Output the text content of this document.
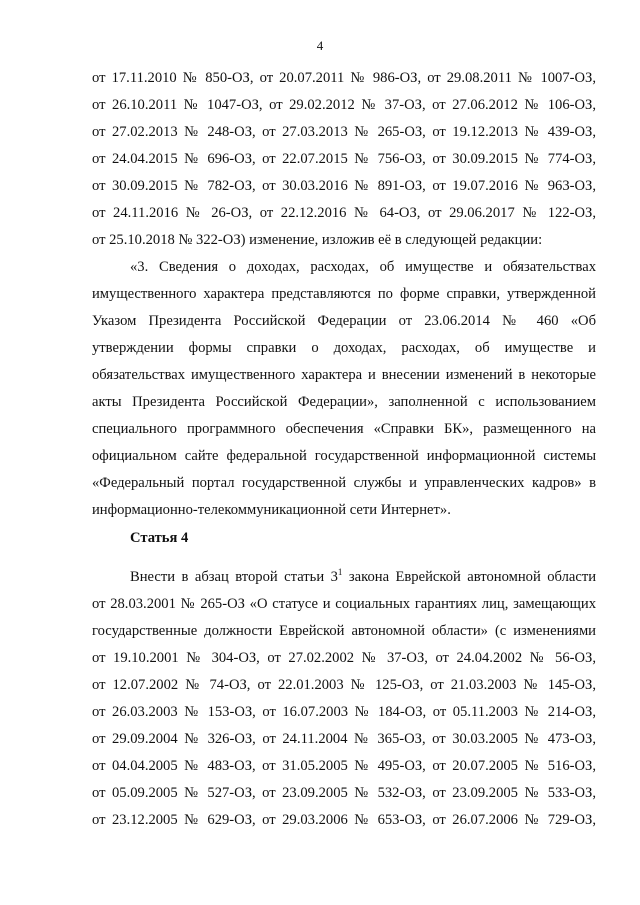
4
от 17.11.2010 № 850-ОЗ, от 20.07.2011 № 986-ОЗ, от 29.08.2011 № 1007-ОЗ,
от 26.10.2011 № 1047-ОЗ, от 29.02.2012 № 37-ОЗ, от 27.06.2012 № 106-ОЗ,
от 27.02.2013 № 248-ОЗ, от 27.03.2013 № 265-ОЗ, от 19.12.2013 № 439-ОЗ,
от 24.04.2015 № 696-ОЗ, от 22.07.2015 № 756-ОЗ, от 30.09.2015 № 774-ОЗ,
от 30.09.2015 № 782-ОЗ, от 30.03.2016 № 891-ОЗ, от 19.07.2016 № 963-ОЗ,
от 24.11.2016 № 26-ОЗ, от 22.12.2016 № 64-ОЗ, от 29.06.2017 № 122-ОЗ,
от 25.10.2018 № 322-ОЗ) изменение, изложив её в следующей редакции:
«3. Сведения о доходах, расходах, об имуществе и обязательствах
имущественного характера представляются по форме справки, утвержденной
Указом Президента Российской Федерации от 23.06.2014 № 460 «Об
утверждении формы справки о доходах, расходах, об имуществе и
обязательствах имущественного характера и внесении изменений в некоторые
акты Президента Российской Федерации», заполненной с использованием
специального программного обеспечения «Справки БК», размещенного на
официальном сайте федеральной государственной информационной системы
«Федеральный портал государственной службы и управленческих кадров» в
информационно-телекоммуникационной сети Интернет».
Статья 4
Внести в абзац второй статьи $3^1$ закона Еврейской автономной области
от 28.03.2001 № 265-ОЗ «О статусе и социальных гарантиях лиц, замещающих
государственные должности Еврейской автономной области» (с изменениями
от 19.10.2001 № 304-ОЗ, от 27.02.2002 № 37-ОЗ, от 24.04.2002 № 56-ОЗ,
от 12.07.2002 № 74-ОЗ, от 22.01.2003 № 125-ОЗ, от 21.03.2003 № 145-ОЗ,
от 26.03.2003 № 153-ОЗ, от 16.07.2003 № 184-ОЗ, от 05.11.2003 № 214-ОЗ,
от 29.09.2004 № 326-ОЗ, от 24.11.2004 № 365-ОЗ, от 30.03.2005 № 473-ОЗ,
от 04.04.2005 № 483-ОЗ, от 31.05.2005 № 495-ОЗ, от 20.07.2005 № 516-ОЗ,
от 05.09.2005 № 527-ОЗ, от 23.09.2005 № 532-ОЗ, от 23.09.2005 № 533-ОЗ,
от 23.12.2005 № 629-ОЗ, от 29.03.2006 № 653-ОЗ, от 26.07.2006 № 729-ОЗ,
